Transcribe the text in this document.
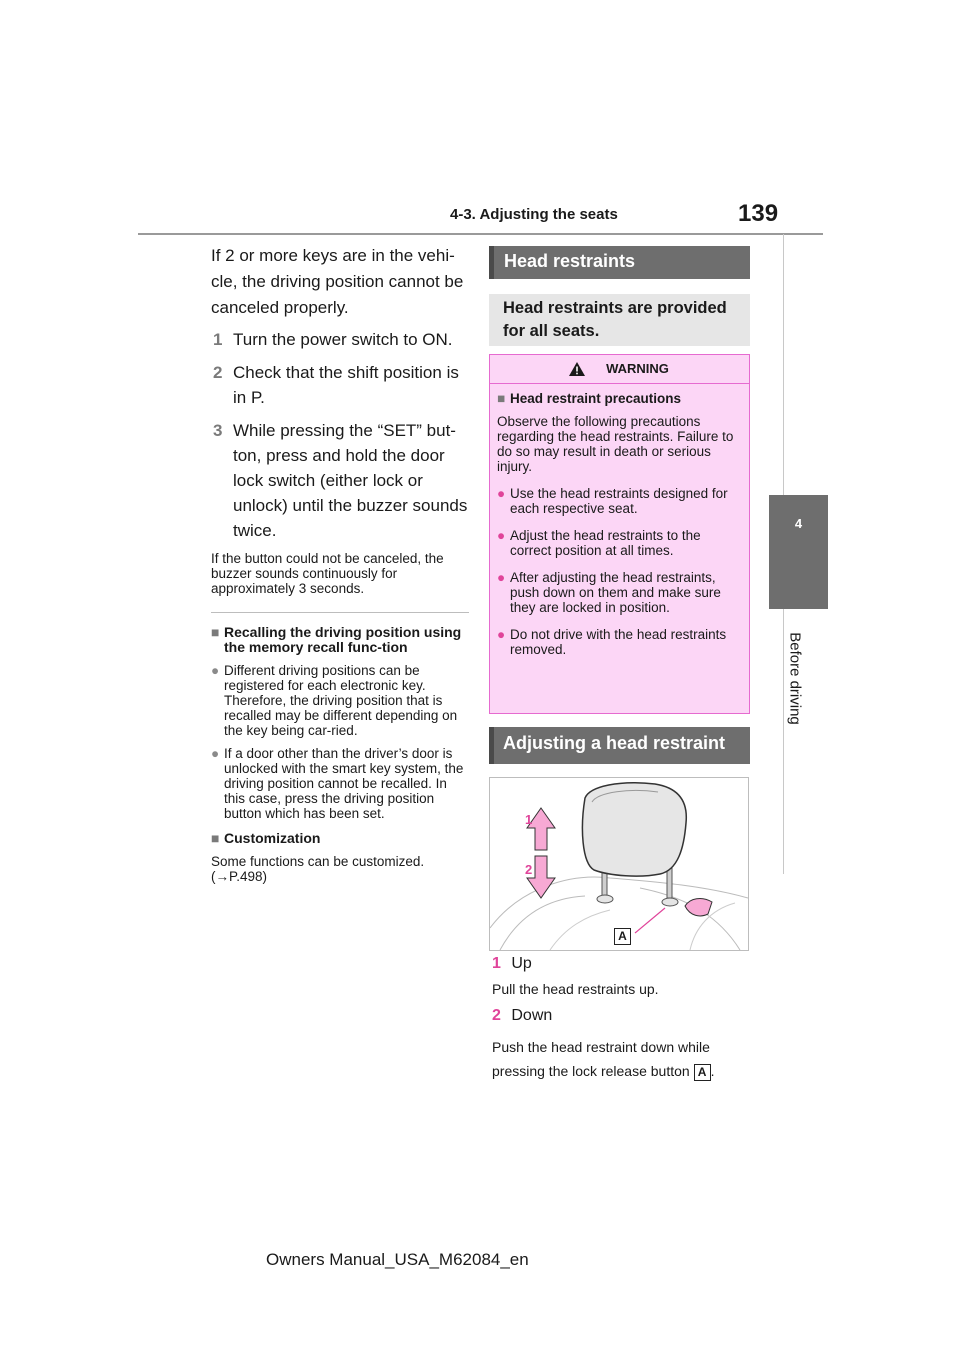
4-3. Adjusting the seats	139
4
Before driving

If 2 or more keys are in the vehi-cle, the driving position cannot be canceled properly.

1 Turn the power switch to ON.
2 Check that the shift position is in P.
3 While pressing the “SET” but-ton, press and hold the door lock switch (either lock or unlock) until the buzzer sounds twice.

If the button could not be canceled, the buzzer sounds continuously for approximately 3 seconds.

■ Recalling the driving position using the memory recall func-tion
● Different driving positions can be registered for each electronic key. Therefore, the driving position that is recalled may be different depending on the key being car-ried.
● If a door other than the driver’s door is unlocked with the smart key system, the driving position cannot be recalled. In this case, press the driving position button which has been set.
■ Customization
Some functions can be customized.
(→P.498)
Head restraints
Head restraints are provided for all seats.
WARNING
■ Head restraint precautions
Observe the following precautions regarding the head restraints. Failure to do so may result in death or serious injury.
● Use the head restraints designed for each respective seat.
● Adjust the head restraints to the correct position at all times.
● After adjusting the head restraints, push down on them and make sure they are locked in position.
● Do not drive with the head restraints removed.
Adjusting a head restraint
1
2
A
1 Up
Pull the head restraints up.
2 Down
Push the head restraint down while pressing the lock release button A .
Owners Manual_USA_M62084_en
